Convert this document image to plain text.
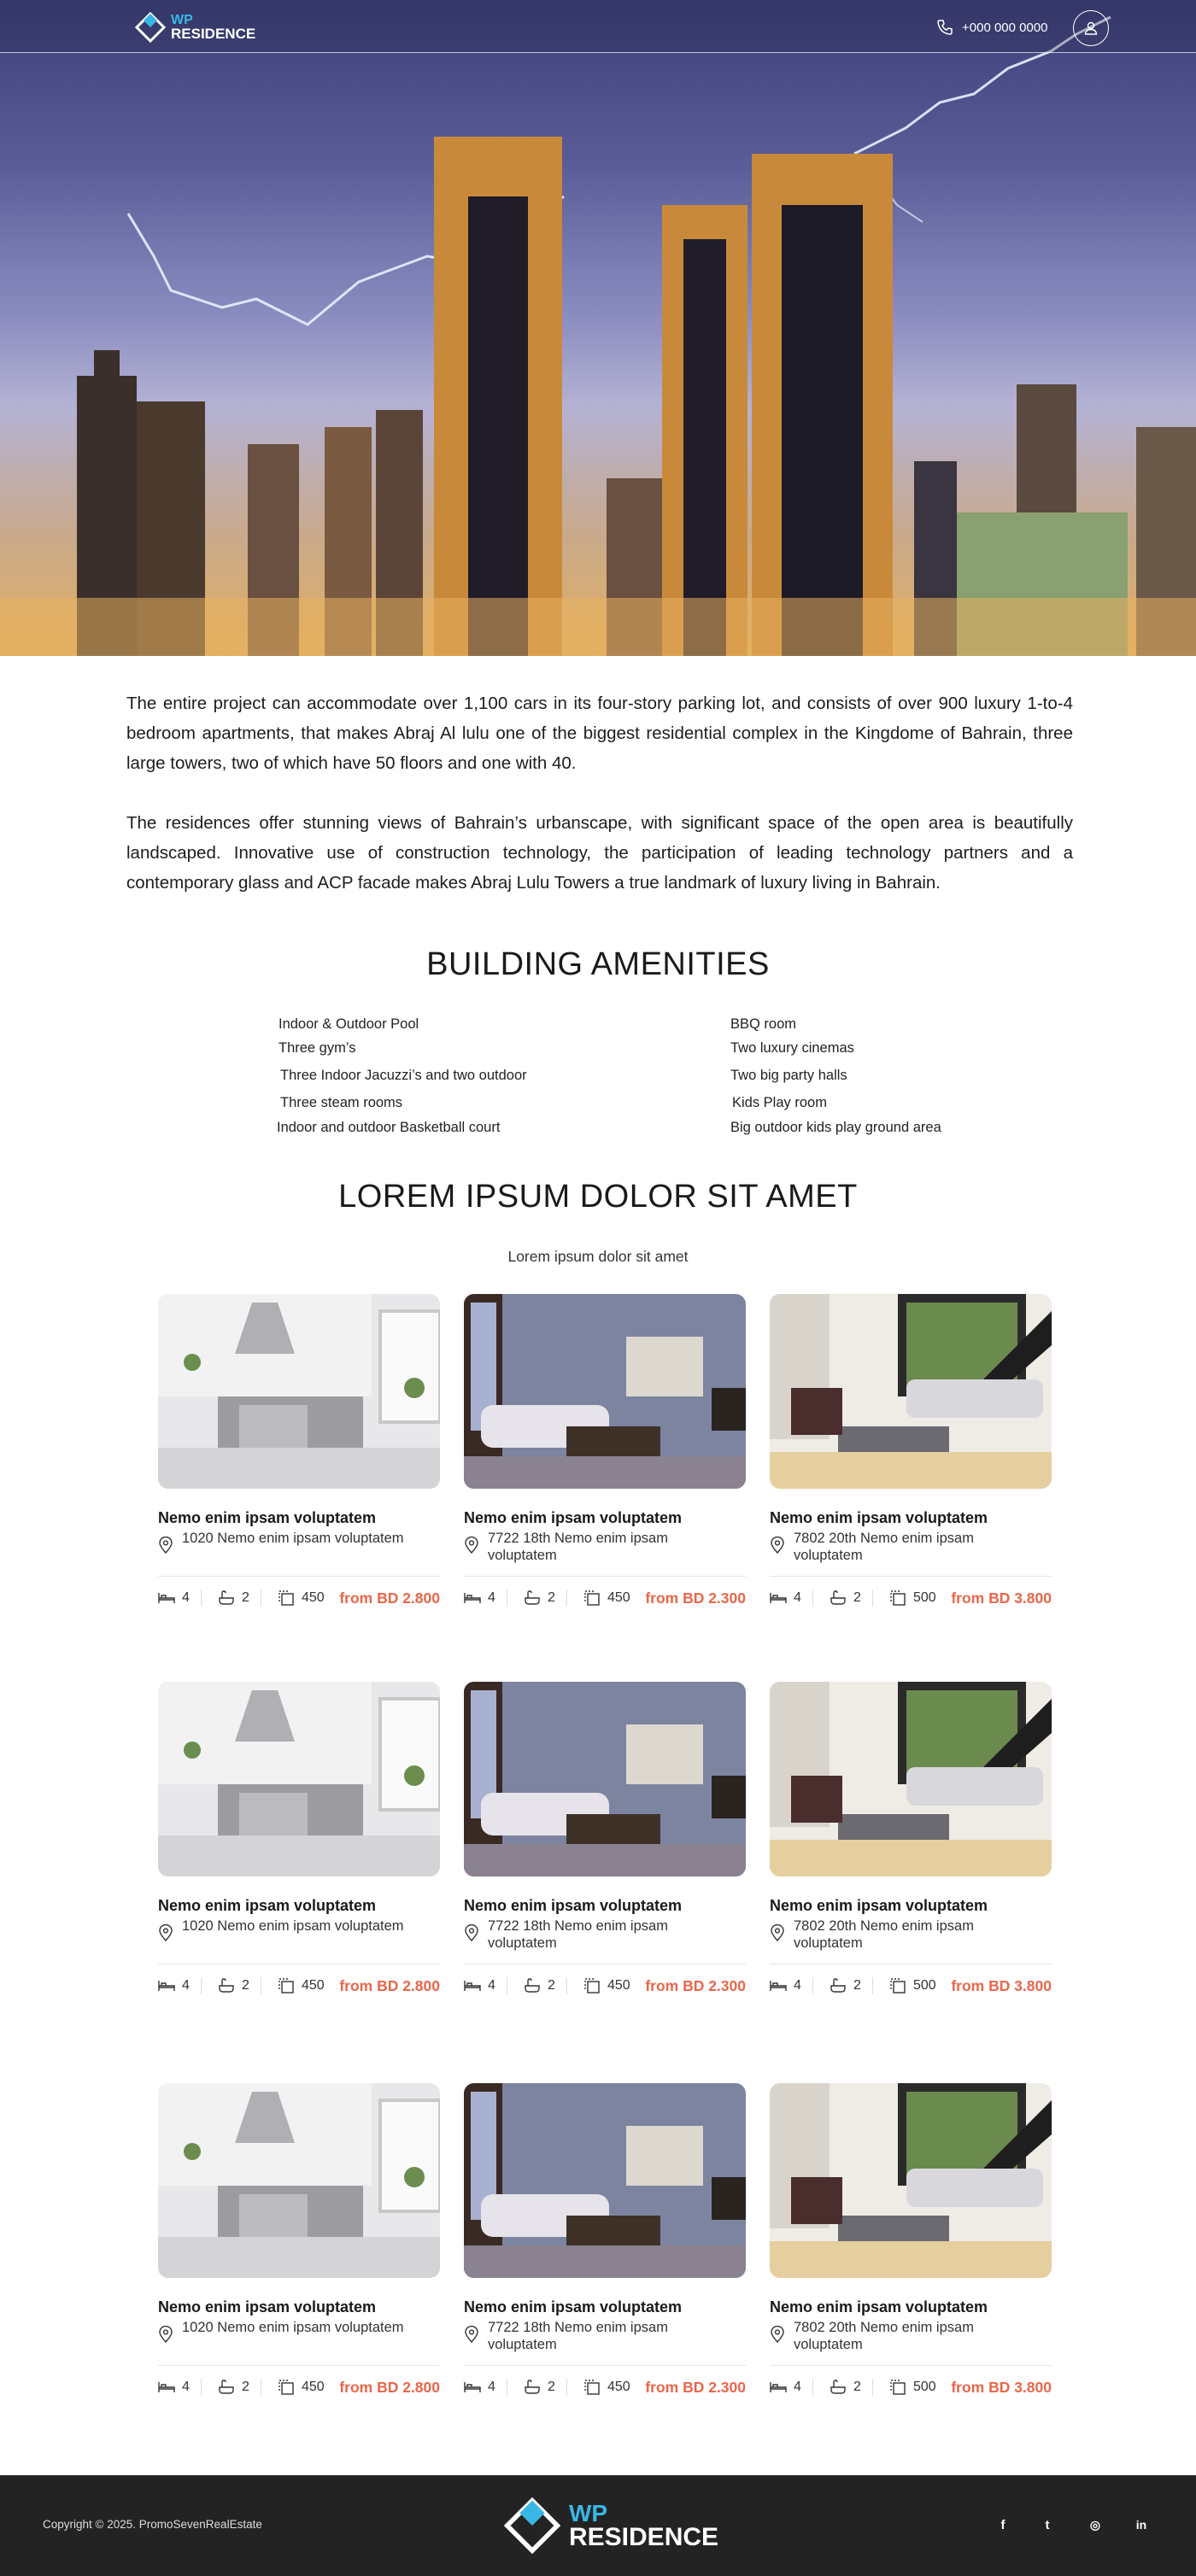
WP
RESIDENCE	+000 000 0000

The entire project can accommodate over 1,100 cars in its four-story parking lot, and consists of over 900 luxury 1-to-4 bedroom apartments, that makes Abraj Al lulu one of the biggest residential complex in the Kingdome of Bahrain, three large towers, two of which have 50 floors and one with 40.

The residences offer stunning views of Bahrain’s urbanscape, with significant space of the open area is beautifully landscaped. Innovative use of construction technology, the participation of leading technology partners and a contemporary glass and ACP facade makes Abraj Lulu Towers a true landmark of luxury living in Bahrain.

BUILDING AMENITIES
Indoor & Outdoor Pool
Three gym’s
Three Indoor Jacuzzi’s and two outdoor
Three steam rooms
Indoor and outdoor Basketball court
BBQ room
Two luxury cinemas
Two big party halls
Kids Play room
Big outdoor kids play ground area
LOREM IPSUM DOLOR SIT AMET
Lorem ipsum dolor sit amet
Nemo enim ipsam voluptatem
1020 Nemo enim ipsam voluptatem
4	2	450 from BD 2.800
Nemo enim ipsam voluptatem
7722 18th Nemo enim ipsam voluptatem
4	2	450 from BD 2.300
Nemo enim ipsam voluptatem
7802 20th Nemo enim ipsam voluptatem
4	2	500 from BD 3.800
Nemo enim ipsam voluptatem
1020 Nemo enim ipsam voluptatem
4	2	450 from BD 2.800
Nemo enim ipsam voluptatem
7722 18th Nemo enim ipsam voluptatem
4	2	450 from BD 2.300
Nemo enim ipsam voluptatem
7802 20th Nemo enim ipsam voluptatem
4	2	500 from BD 3.800
Nemo enim ipsam voluptatem
1020 Nemo enim ipsam voluptatem
4	2	450 from BD 2.800
Nemo enim ipsam voluptatem
7722 18th Nemo enim ipsam voluptatem
4	2	450 from BD 2.300
Nemo enim ipsam voluptatem
7802 20th Nemo enim ipsam voluptatem
4	2	500 from BD 3.800
Copyright © 2025. PromoSevenRealEstate	WP
RESIDENCE	f	t	◎	in
